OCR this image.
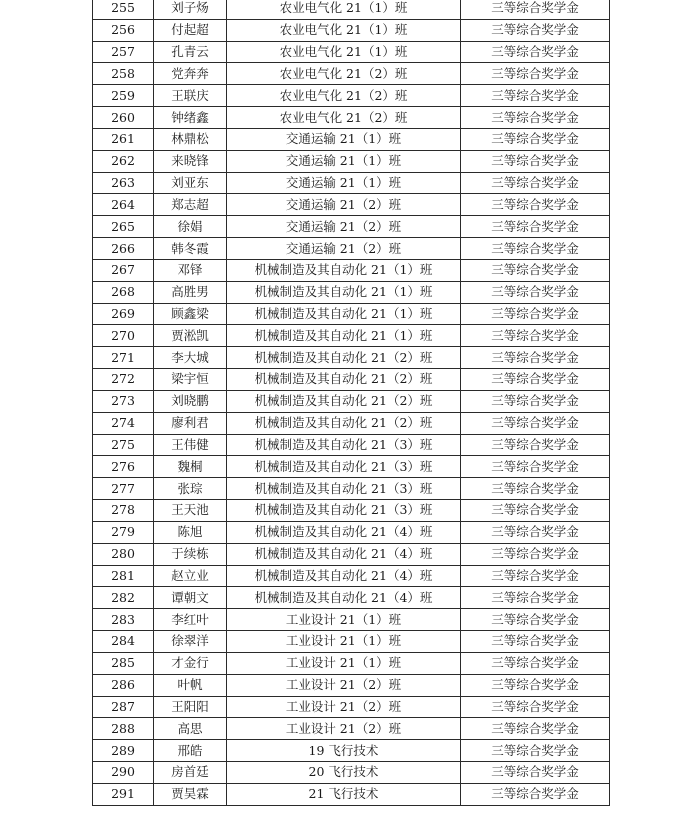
255	刘子炀	农业电气化 21（1）班	三等综合奖学金
256	付起超	农业电气化 21（1）班	三等综合奖学金
257	孔青云	农业电气化 21（1）班	三等综合奖学金
258	党奔奔	农业电气化 21（2）班	三等综合奖学金
259	王联庆	农业电气化 21（2）班	三等综合奖学金
260	钟绪鑫	农业电气化 21（2）班	三等综合奖学金
261	林鼎松	交通运输 21（1）班	三等综合奖学金
262	来晓锋	交通运输 21（1）班	三等综合奖学金
263	刘亚东	交通运输 21（1）班	三等综合奖学金
264	郑志超	交通运输 21（2）班	三等综合奖学金
265	徐娟	交通运输 21（2）班	三等综合奖学金
266	韩冬霞	交通运输 21（2）班	三等综合奖学金
267	邓铎	机械制造及其自动化 21（1）班	三等综合奖学金
268	高胜男	机械制造及其自动化 21（1）班	三等综合奖学金
269	顾鑫梁	机械制造及其自动化 21（1）班	三等综合奖学金
270	贾淞凯	机械制造及其自动化 21（1）班	三等综合奖学金
271	李大城	机械制造及其自动化 21（2）班	三等综合奖学金
272	梁宇恒	机械制造及其自动化 21（2）班	三等综合奖学金
273	刘晓鹏	机械制造及其自动化 21（2）班	三等综合奖学金
274	廖利君	机械制造及其自动化 21（2）班	三等综合奖学金
275	王伟健	机械制造及其自动化 21（3）班	三等综合奖学金
276	魏桐	机械制造及其自动化 21（3）班	三等综合奖学金
277	张琮	机械制造及其自动化 21（3）班	三等综合奖学金
278	王天池	机械制造及其自动化 21（3）班	三等综合奖学金
279	陈旭	机械制造及其自动化 21（4）班	三等综合奖学金
280	于续栋	机械制造及其自动化 21（4）班	三等综合奖学金
281	赵立业	机械制造及其自动化 21（4）班	三等综合奖学金
282	谭朝文	机械制造及其自动化 21（4）班	三等综合奖学金
283	李红叶	工业设计 21（1）班	三等综合奖学金
284	徐翠洋	工业设计 21（1）班	三等综合奖学金
285	才金行	工业设计 21（1）班	三等综合奖学金
286	叶帆	工业设计 21（2）班	三等综合奖学金
287	王阳阳	工业设计 21（2）班	三等综合奖学金
288	高思	工业设计 21（2）班	三等综合奖学金
289	邢皓	19 飞行技术	三等综合奖学金
290	房首廷	20 飞行技术	三等综合奖学金
291	贾昊霖	21 飞行技术	三等综合奖学金
